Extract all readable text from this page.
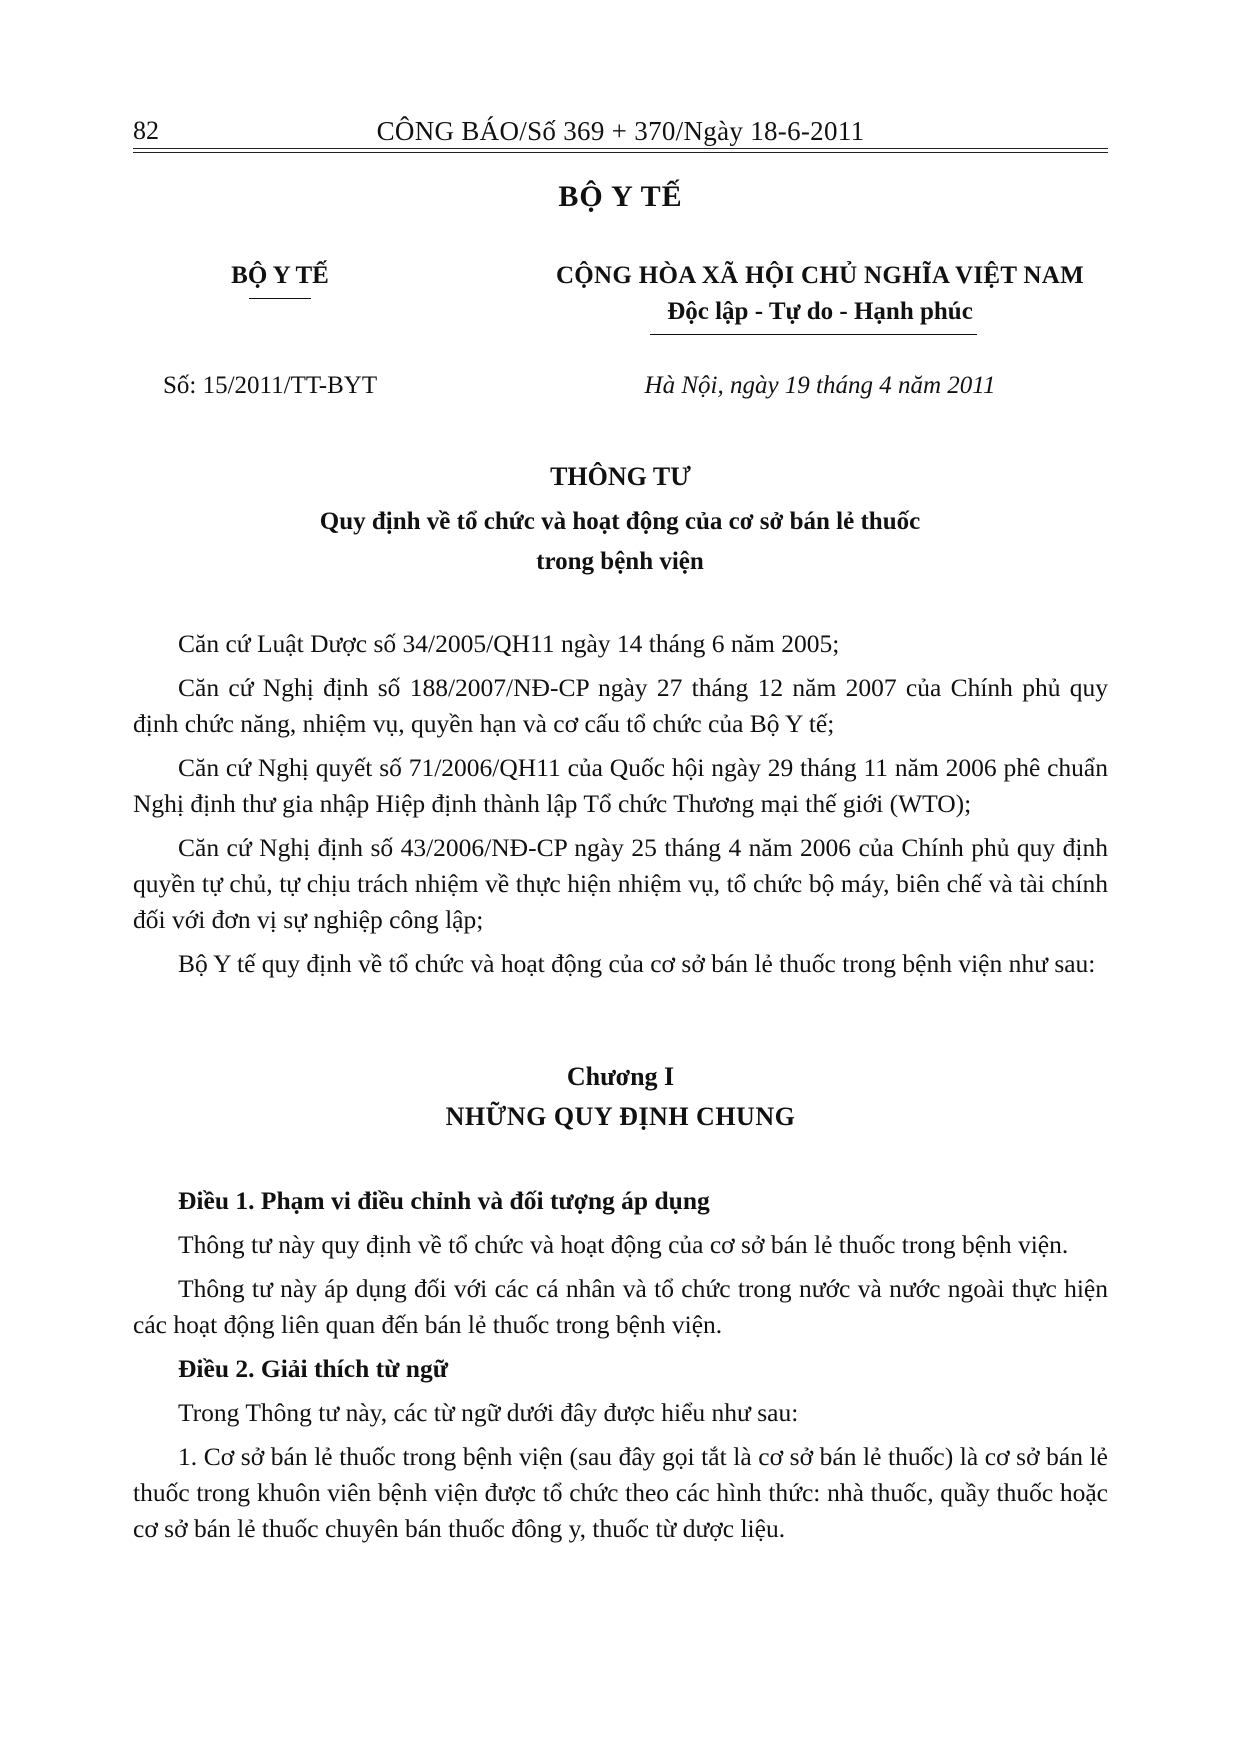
82	CÔNG BÁO/Số 369 + 370/Ngày 18-6-2011
BỘ Y TẾ
BỘ Y TẾ	CỘNG HÒA XÃ HỘI CHỦ NGHĨA VIỆT NAM
Độc lập - Tự do - Hạnh phúc
Số: 15/2011/TT-BYT	Hà Nội, ngày 19 tháng 4 năm 2011
THÔNG TƯ
Quy định về tổ chức và hoạt động của cơ sở bán lẻ thuốc
trong bệnh viện

Căn cứ Luật Dược số 34/2005/QH11 ngày 14 tháng 6 năm 2005;

Căn cứ Nghị định số 188/2007/NĐ-CP ngày 27 tháng 12 năm 2007 của Chính phủ quy định chức năng, nhiệm vụ, quyền hạn và cơ cấu tổ chức của Bộ Y tế;

Căn cứ Nghị quyết số 71/2006/QH11 của Quốc hội ngày 29 tháng 11 năm 2006 phê chuẩn Nghị định thư gia nhập Hiệp định thành lập Tổ chức Thương mại thế giới (WTO);

Căn cứ Nghị định số 43/2006/NĐ-CP ngày 25 tháng 4 năm 2006 của Chính phủ quy định quyền tự chủ, tự chịu trách nhiệm về thực hiện nhiệm vụ, tổ chức bộ máy, biên chế và tài chính đối với đơn vị sự nghiệp công lập;

Bộ Y tế quy định về tổ chức và hoạt động của cơ sở bán lẻ thuốc trong bệnh viện như sau:

Chương I
NHỮNG QUY ĐỊNH CHUNG

Điều 1. Phạm vi điều chỉnh và đối tượng áp dụng

Thông tư này quy định về tổ chức và hoạt động của cơ sở bán lẻ thuốc trong bệnh viện.

Thông tư này áp dụng đối với các cá nhân và tổ chức trong nước và nước ngoài thực hiện các hoạt động liên quan đến bán lẻ thuốc trong bệnh viện.

Điều 2. Giải thích từ ngữ

Trong Thông tư này, các từ ngữ dưới đây được hiểu như sau:

1. Cơ sở bán lẻ thuốc trong bệnh viện (sau đây gọi tắt là cơ sở bán lẻ thuốc) là cơ sở bán lẻ thuốc trong khuôn viên bệnh viện được tổ chức theo các hình thức: nhà thuốc, quầy thuốc hoặc cơ sở bán lẻ thuốc chuyên bán thuốc đông y, thuốc từ dược liệu.
